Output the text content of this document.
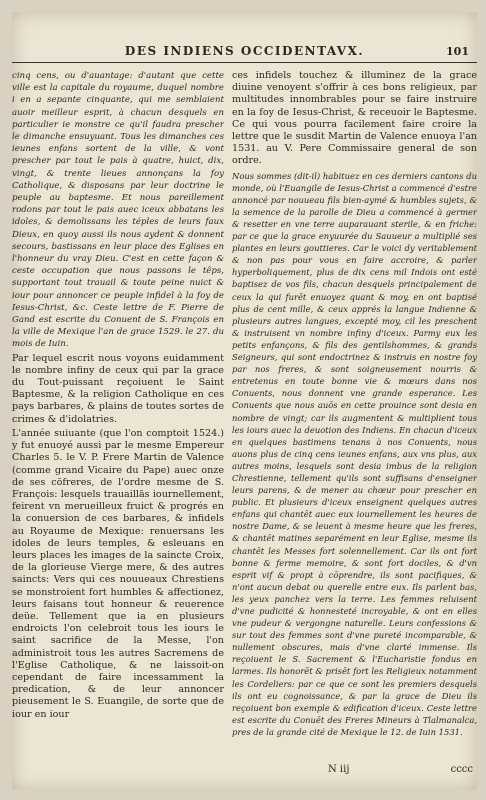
DES INDIENS OCCIDENTAVX.	101

cinq cens, ou d'auantage: d'autant que cette ville est la capitale du royaume, duquel nombre i en a sepante cinquante, qui me semblaient auoir meilleur esprit, à chacun desquels en particulier ie monstre ce qu'il faudra prescher le dimanche ensuyuant. Tous les dimanches ces ieunes enfans sortent de la ville, & vont prescher par tout le pais à quatre, huict, dix, vingt, & trente lieues annonçans la foy Catholique, & disposans par leur doctrine le peuple au baptesme. Et nous pareillement rodons par tout le pais auec iceux abbatans les idoles, & demolissans les téples de leurs faux Dieux, en quoy aussi ils nous aydent & donnent secours, bastissans en leur place des Eglises en l'honneur du vray Dieu. C'est en cette façon & ceste occupation que nous passons le têps, supportant tout trauail & toute peine nuict & iour pour annoncer ce peuple infidel à la foy de Iesus-Christ, &c. Ceste lettre de F. Pierre de Gand est escrite du Conuent de S. François en la ville de Mexique l'an de grace 1529. le 27. du mois de Iuin.

Par lequel escrit nous voyons euidamment le nombre infiny de ceux qui par la grace du Tout-puissant reçoiuent le Saint Baptesme, & la religion Catholique en ces pays barbares, & plains de toutes sortes de crimes & d'idolatries.

L'année suiuante (que l'on comptoit 1524.) y fut enuoyé aussi par le mesme Empereur Charles 5. le V. P. Frere Martin de Valence (comme grand Vicaire du Pape) auec onze de ses cōfreres, de l'ordre mesme de S. François: lesquels trauaillās iournellement, feirent vn merueilleux fruict & progrés en la conuersion de ces barbares, & infidels au Royaume de Mexique: renuersans les idoles de leurs temples, & esleuans en leurs places les images de la saincte Croix, de la glorieuse Vierge mere, & des autres saincts: Vers qui ces nouueaux Chrestiens se monstroient fort humbles & affectionez, leurs faisans tout honneur & reuerence deüe. Tellement que ia en plusieurs endroicts l'on celebroit tous les iours le saint sacrifice de la Messe, l'on administroit tous les autres Sacremens de l'Eglise Catholique, & ne laissoit-on cependant de faire incessamment la predication, & de leur annoncer pieusement le S. Euangile, de sorte que de iour en iour

ces infidels touchez & illuminez de la grace diuine venoyent s'offrir à ces bons religieux, par multitudes innombrables pour se faire instruire en la foy de Iesus-Christ, & receuoir le Baptesme. Ce qui vous pourra facilement faire croire la lettre que le susdit Martin de Valence enuoya l'an 1531. au V. Pere Commissaire general de son ordre.

Nous sommes (dit-il) habituez en ces derniers cantons du monde, où l'Euangile de Iesus-Christ a commencé d'estre annoncé par nouueau fils bien-aymé & humbles sujets, & la semence de la parolle de Dieu a commencé à germer & resetter en vne terre auparauant sterile, & en friche: par ce que la grace enyuurée du Sauueur a multiplié ses plantes en leurs gouttieres. Car le voici dy veritablement & non pas pour vous en faire accroire, & parler hyperboliquement, plus de dix cens mil Indois ont esté baptisez de vos fils, chacun desquels principalement de ceux la qui furēt enuoyez quant & moy, en ont baptisé plus de cent mille, & ceux apprés la langue Indienne & plusieurs autres langues, excepté moy, cil les preschent & instruisent vn nombre infiny d'iceux. Parmy eux les petits enfançons, & fils des gentilshommes, & grands Seigneurs, qui sont endoctrinez & instruis en nostre foy par nos freres, & sont soigneusement nourris & entretenus en toute bonne vie & mœurs dans nos Conuents, nous donnent vne grande esperance. Les Conuents que nous auōs en cette prouince sont desia en nombre de vingt; car ils augmentent & multiplient tous les iours auec la deuotion des Indiens. En chacun d'iceux en quelques bastimens tenans à nos Conuents, nous auons plus de cinq cens ieunes enfans, aux vns plus, aux autres moins, lesquels sont desia imbus de la religion Chrestienne, tellement qu'ils sont suffisans d'enseigner leurs parens, & de mener au chœur pour prescher en public. Et plusieurs d'iceux enseignent quelques autres enfans qui chantēt auec eux iournellement les heures de nostre Dame, & se leuent à mesme heure que les freres, & chantēt matines separément en leur Eglise, mesme ils chantēt les Messes fort solennellement. Car ils ont fort bonne & ferme memoire, & sont fort dociles, & d'vn esprit vif & propt à cōprendre, ils sont pacifiques, & n'ont aucun debat ou querelle entre eux. Ils parlent bas, les yeux panchez vers la terre. Les femmes reluisent d'vne pudicité & honnesteté incroyable, & ont en elles vne pudeur & vergongne naturelle. Leurs confessions & sur tout des femmes sont d'vne pureté incomparable, & nullement obscures, mais d'vne clarté immense. Ils reçoiuent le S. Sacrement & l'Eucharistie fondus en larmes. Ils honorēt & prisēt fort les Religieux notamment les Cordeliers: par ce que ce sont les premiers desquels ils ont eu cognoissance, & par la grace de Dieu ils reçoiuent bon exemple & edification d'iceux. Ceste lettre est escrite du Conuēt des Freres Mineurs à Tlalmanalca, pres de la grande cité de Mexique le 12. de Iuin 1531.

N iij	cccc
